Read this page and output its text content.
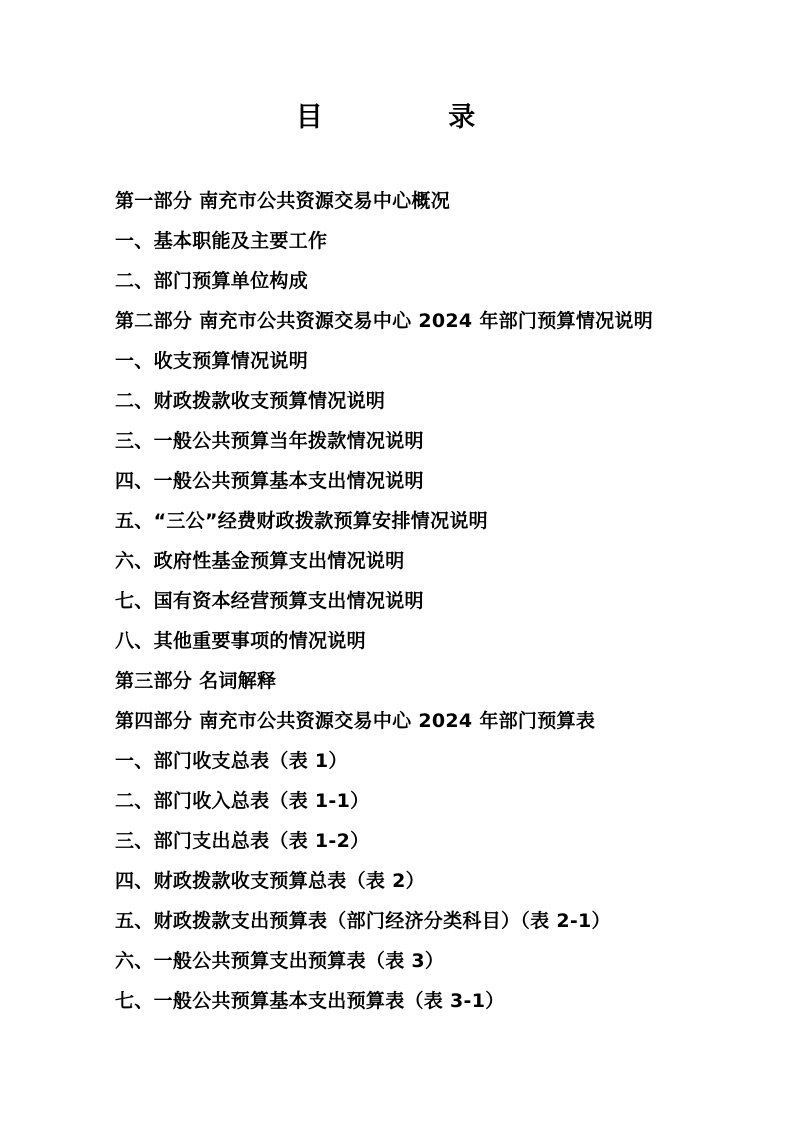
目 录
第一部分 南充市公共资源交易中心概况
一、基本职能及主要工作
二、部门预算单位构成
第二部分 南充市公共资源交易中心 2024 年部门预算情况说明
一、收支预算情况说明
二、财政拨款收支预算情况说明
三、一般公共预算当年拨款情况说明
四、一般公共预算基本支出情况说明
五、“三公”经费财政拨款预算安排情况说明
六、政府性基金预算支出情况说明
七、国有资本经营预算支出情况说明
八、其他重要事项的情况说明
第三部分 名词解释
第四部分 南充市公共资源交易中心 2024 年部门预算表
一、部门收支总表（表 1）
二、部门收入总表（表 1-1）
三、部门支出总表（表 1-2）
四、财政拨款收支预算总表（表 2）
五、财政拨款支出预算表（部门经济分类科目）（表 2-1）
六、一般公共预算支出预算表（表 3）
七、一般公共预算基本支出预算表（表 3-1）
